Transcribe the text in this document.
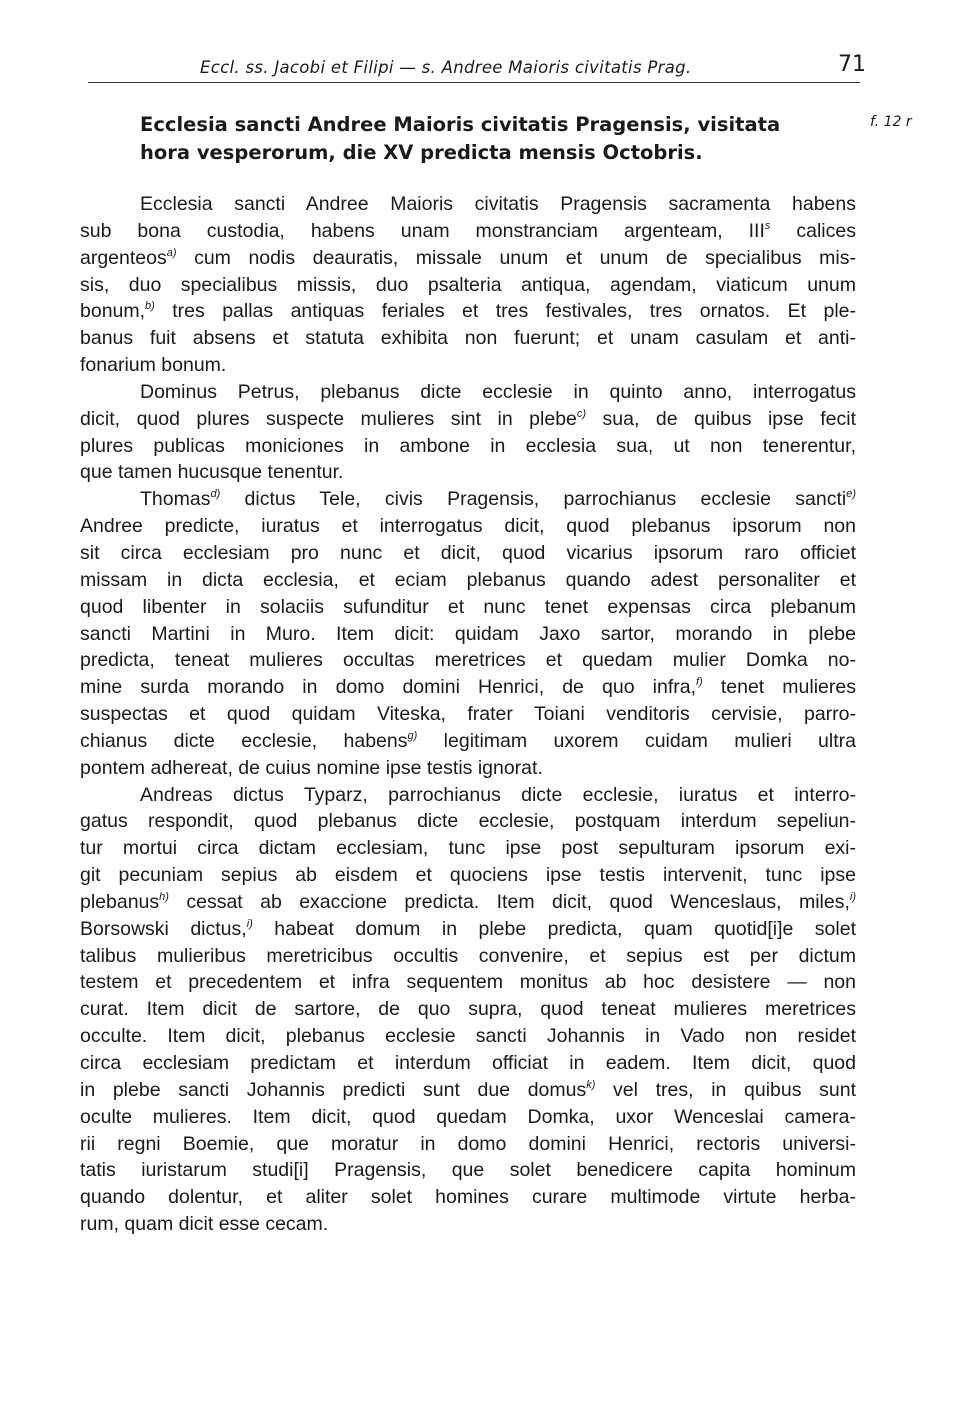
Eccl. ss. Jacobi et Filipi — s. Andree Maioris civitatis Prag.	71
Ecclesia sancti Andree Maioris civitatis Pragensis, visitata hora vesperorum, die XV predicta mensis Octobris.
f. 12 r
Ecclesia sancti Andree Maioris civitatis Pragensis sacramenta habens
sub bona custodia, habens unam monstranciam argenteam, III$^s$ calices
argenteos$^{a)}$ cum nodis deauratis, missale unum et unum de specialibus mis-
sis, duo specialibus missis, duo psalteria antiqua, agendam, viaticum unum
bonum,$^{b)}$ tres pallas antiquas feriales et tres festivales, tres ornatos. Et ple-
banus fuit absens et statuta exhibita non fuerunt; et unam casulam et anti-
fonarium bonum.
Dominus Petrus, plebanus dicte ecclesie in quinto anno, interrogatus
dicit, quod plures suspecte mulieres sint in plebe$^{c)}$ sua, de quibus ipse fecit
plures publicas moniciones in ambone in ecclesia sua, ut non tenerentur,
que tamen hucusque tenentur.
Thomas$^{d)}$ dictus Tele, civis Pragensis, parrochianus ecclesie sancti$^{e)}$
Andree predicte, iuratus et interrogatus dicit, quod plebanus ipsorum non
sit circa ecclesiam pro nunc et dicit, quod vicarius ipsorum raro officiet
missam in dicta ecclesia, et eciam plebanus quando adest personaliter et
quod libenter in solaciis sufunditur et nunc tenet expensas circa plebanum
sancti Martini in Muro. Item dicit: quidam Jaxo sartor, morando in plebe
predicta, teneat mulieres occultas meretrices et quedam mulier Domka no-
mine surda morando in domo domini Henrici, de quo infra,$^{f)}$ tenet mulieres
suspectas et quod quidam Viteska, frater Toiani venditoris cervisie, parro-
chianus dicte ecclesie, habens$^{g)}$ legitimam uxorem cuidam mulieri ultra
pontem adhereat, de cuius nomine ipse testis ignorat.
Andreas dictus Typarz, parrochianus dicte ecclesie, iuratus et interro-
gatus respondit, quod plebanus dicte ecclesie, postquam interdum sepeliun-
tur mortui circa dictam ecclesiam, tunc ipse post sepulturam ipsorum exi-
git pecuniam sepius ab eisdem et quociens ipse testis intervenit, tunc ipse
plebanus$^{h)}$ cessat ab exaccione predicta. Item dicit, quod Wenceslaus, miles,$^{i)}$
Borsowski dictus,$^{i)}$ habeat domum in plebe predicta, quam quotid[i]e solet
talibus mulieribus meretricibus occultis convenire, et sepius est per dictum
testem et precedentem et infra sequentem monitus ab hoc desistere — non
curat. Item dicit de sartore, de quo supra, quod teneat mulieres meretrices
occulte. Item dicit, plebanus ecclesie sancti Johannis in Vado non residet
circa ecclesiam predictam et interdum officiat in eadem. Item dicit, quod
in plebe sancti Johannis predicti sunt due domus$^{k)}$ vel tres, in quibus sunt
oculte mulieres. Item dicit, quod quedam Domka, uxor Wenceslai camera-
rii regni Boemie, que moratur in domo domini Henrici, rectoris universi-
tatis iuristarum studi[i] Pragensis, que solet benedicere capita hominum
quando dolentur, et aliter solet homines curare multimode virtute herba-
rum, quam dicit esse cecam.
